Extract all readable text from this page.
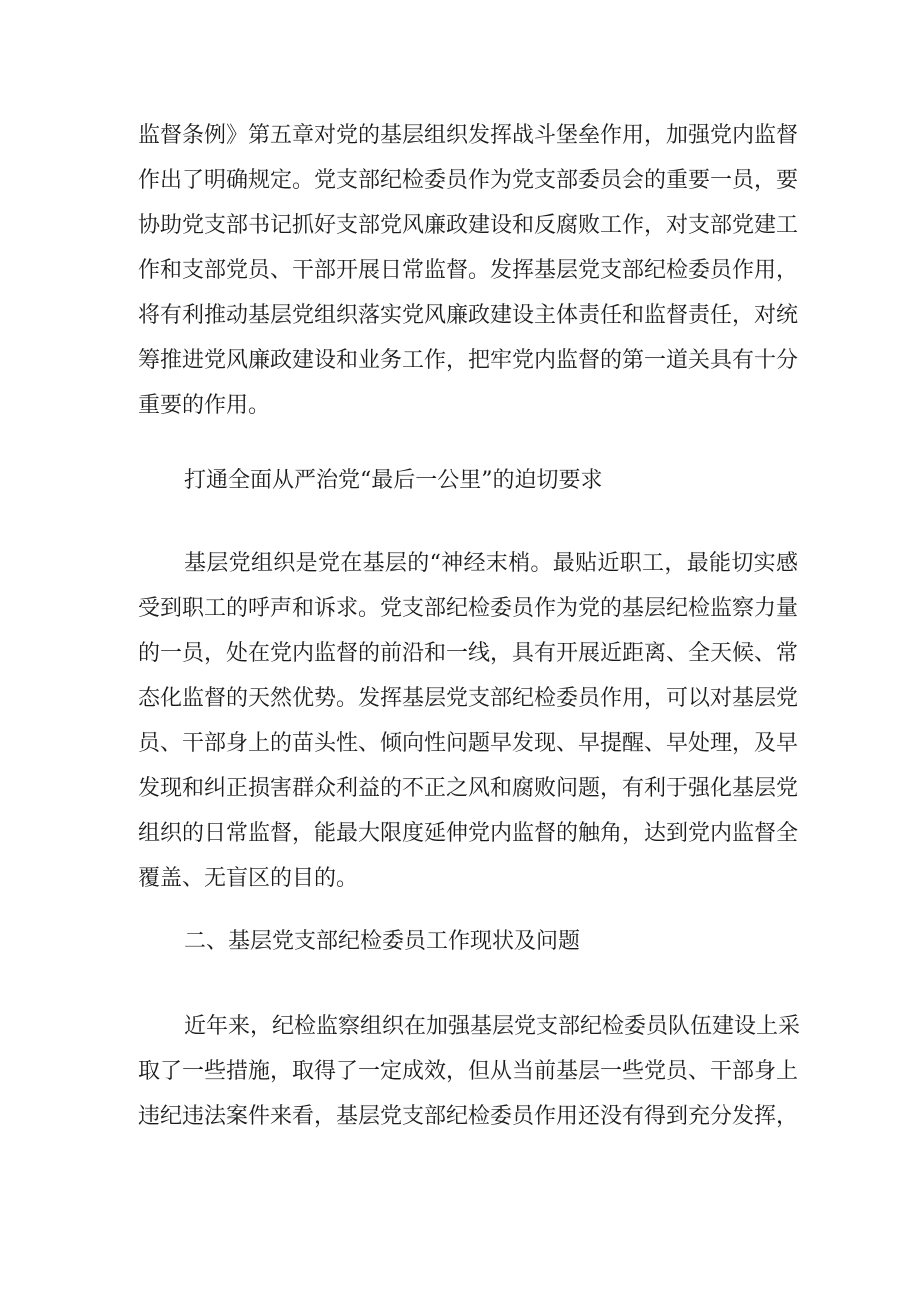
监督条例》第五章对党的基层组织发挥战斗堡垒作用，加强党内监督
作出了明确规定。党支部纪检委员作为党支部委员会的重要一员，要
协助党支部书记抓好支部党风廉政建设和反腐败工作，对支部党建工
作和支部党员、干部开展日常监督。发挥基层党支部纪检委员作用，
将有利推动基层党组织落实党风廉政建设主体责任和监督责任，对统
筹推进党风廉政建设和业务工作，把牢党内监督的第一道关具有十分
重要的作用。
打通全面从严治党“最后一公里”的迫切要求
基层党组织是党在基层的“神经末梢。最贴近职工，最能切实感
受到职工的呼声和诉求。党支部纪检委员作为党的基层纪检监察力量
的一员，处在党内监督的前沿和一线，具有开展近距离、全天候、常
态化监督的天然优势。发挥基层党支部纪检委员作用，可以对基层党
员、干部身上的苗头性、倾向性问题早发现、早提醒、早处理，及早
发现和纠正损害群众利益的不正之风和腐败问题，有利于强化基层党
组织的日常监督，能最大限度延伸党内监督的触角，达到党内监督全
覆盖、无盲区的目的。
二、基层党支部纪检委员工作现状及问题
近年来，纪检监察组织在加强基层党支部纪检委员队伍建设上采
取了一些措施，取得了一定成效，但从当前基层一些党员、干部身上
违纪违法案件来看，基层党支部纪检委员作用还没有得到充分发挥，
